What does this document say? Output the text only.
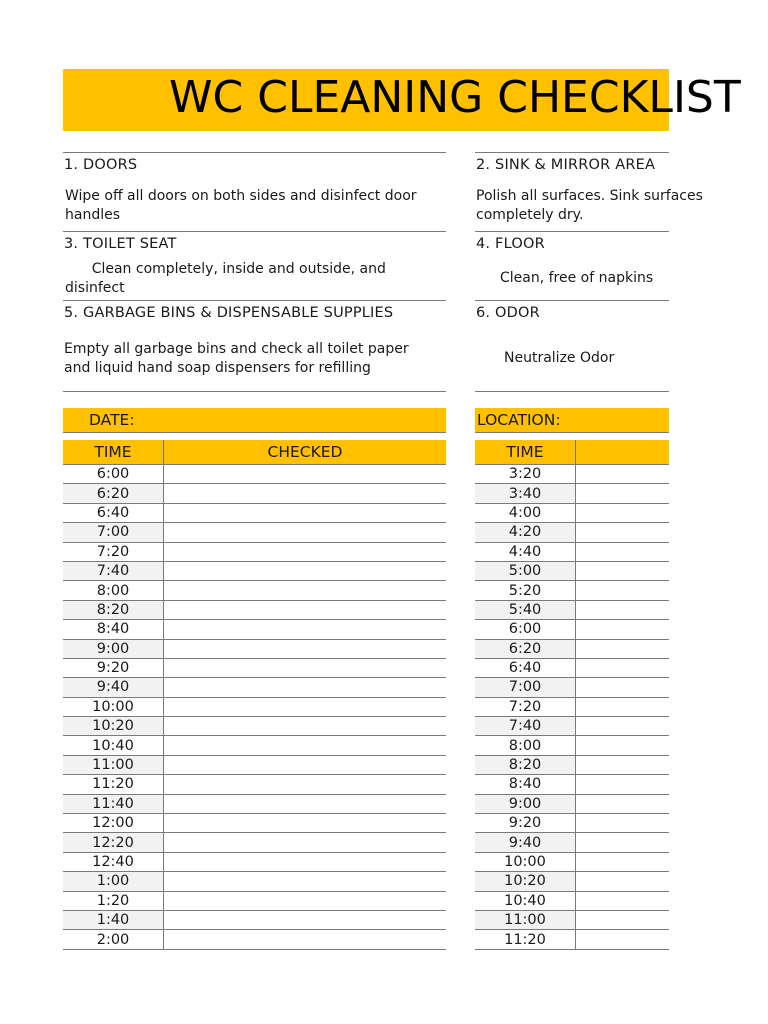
WC CLEANING CHECKLIST
1. DOORS
Wipe off all doors on both sides and disinfect door
handles
2. SINK & MIRROR AREA
Polish all surfaces. Sink surfaces
completely dry.
3. TOILET SEAT
Clean completely, inside and outside, and
disinfect
4. FLOOR
Clean, free of napkins
5. GARBAGE BINS & DISPENSABLE SUPPLIES
Empty all garbage bins and check all toilet paper
and liquid hand soap dispensers for refilling
6. ODOR
Neutralize Odor
DATE:	LOCATION:
TIME	CHECKED
6:00	
6:20	
6:40	
7:00	
7:20	
7:40	
8:00	
8:20	
8:40	
9:00	
9:20	
9:40	
10:00	
10:20	
10:40	
11:00	
11:20	
11:40	
12:00	
12:20	
12:40	
1:00	
1:20	
1:40	
2:00	
TIME	
3:20	
3:40	
4:00	
4:20	
4:40	
5:00	
5:20	
5:40	
6:00	
6:20	
6:40	
7:00	
7:20	
7:40	
8:00	
8:20	
8:40	
9:00	
9:20	
9:40	
10:00	
10:20	
10:40	
11:00	
11:20	
